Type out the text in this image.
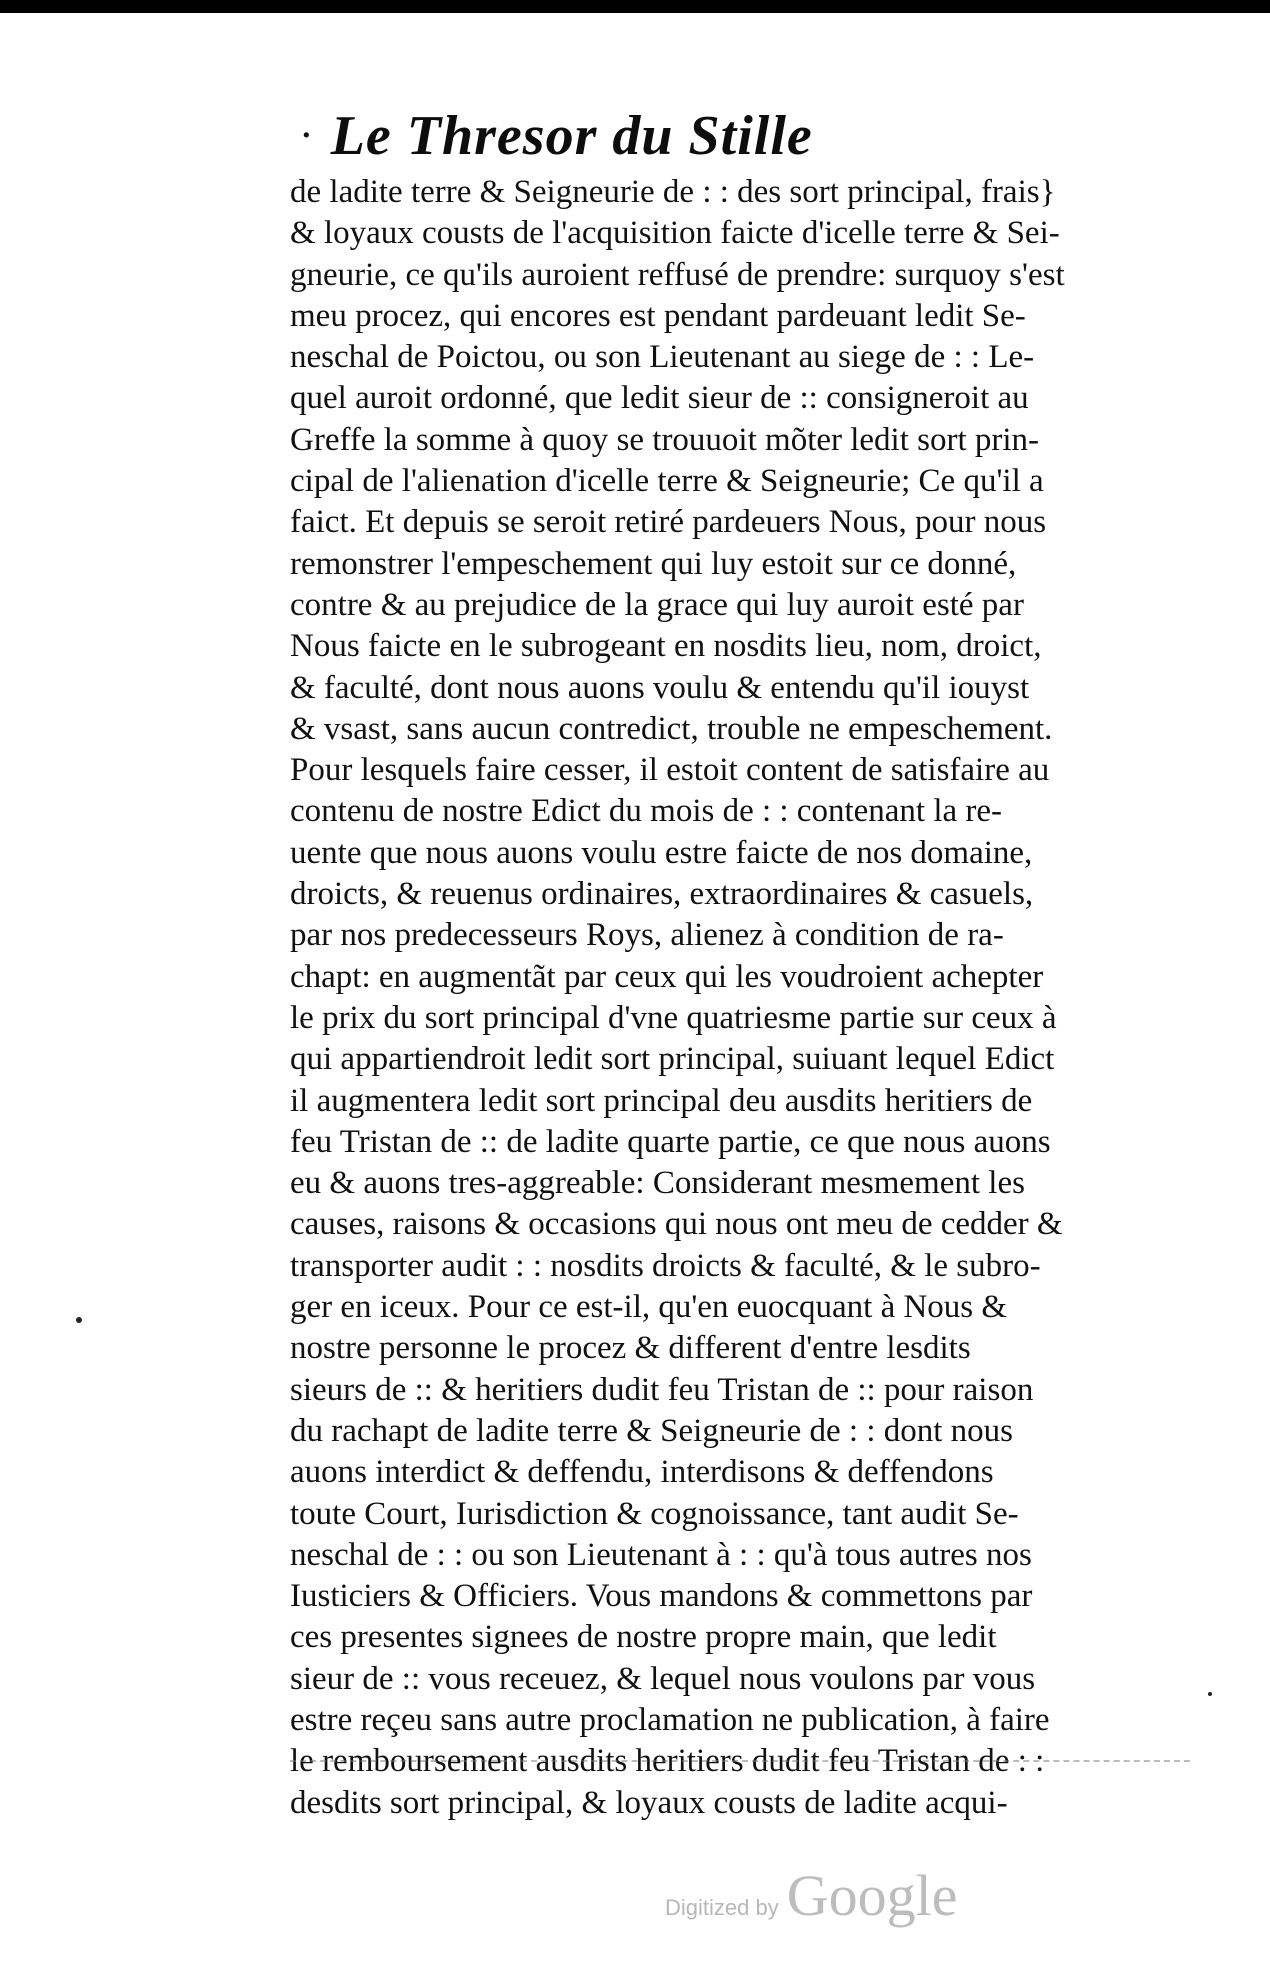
· Le Thresor du Stille
de ladite terre & Seigneurie de : : des sort principal, frais}
& loyaux cousts de l'acquisition faicte d'icelle terre & Sei-
gneurie, ce qu'ils auroient reffusé de prendre: surquoy s'est
meu procez, qui encores est pendant pardeuant ledit Se-
neschal de Poictou, ou son Lieutenant au siege de : : Le-
quel auroit ordonné, que ledit sieur de :: consigneroit au
Greffe la somme à quoy se trouuoit mõter ledit sort prin-
cipal de l'alienation d'icelle terre & Seigneurie; Ce qu'il a
faict. Et depuis se seroit retiré pardeuers Nous, pour nous
remonstrer l'empeschement qui luy estoit sur ce donné,
contre & au prejudice de la grace qui luy auroit esté par
Nous faicte en le subrogeant en nosdits lieu, nom, droict,
& faculté, dont nous auons voulu & entendu qu'il iouyst
& vsast, sans aucun contredict, trouble ne empeschement.
Pour lesquels faire cesser, il estoit content de satisfaire au
contenu de nostre Edict du mois de : : contenant la re-
uente que nous auons voulu estre faicte de nos domaine,
droicts, & reuenus ordinaires, extraordinaires & casuels,
par nos predecesseurs Roys, alienez à condition de ra-
chapt: en augmentãt par ceux qui les voudroient achepter
le prix du sort principal d'vne quatriesme partie sur ceux à
qui appartiendroit ledit sort principal, suiuant lequel Edict
il augmentera ledit sort principal deu ausdits heritiers de
feu Tristan de :: de ladite quarte partie, ce que nous auons
eu & auons tres-aggreable: Considerant mesmement les
causes, raisons & occasions qui nous ont meu de cedder &
transporter audit : : nosdits droicts & faculté, & le subro-
ger en iceux. Pour ce est-il, qu'en euocquant à Nous &
nostre personne le procez & different d'entre lesdits
sieurs de :: & heritiers dudit feu Tristan de :: pour raison
du rachapt de ladite terre & Seigneurie de : : dont nous
auons interdict & deffendu, interdisons & deffendons
toute Court, Iurisdiction & cognoissance, tant audit Se-
neschal de : : ou son Lieutenant à : : qu'à tous autres nos
Iusticiers & Officiers. Vous mandons & commettons par
ces presentes signees de nostre propre main, que ledit
sieur de :: vous receuez, & lequel nous voulons par vous
estre reçeu sans autre proclamation ne publication, à faire
le remboursement ausdits heritiers dudit feu Tristan de : :
desdits sort principal, & loyaux cousts de ladite acqui-
Digitized by Google
